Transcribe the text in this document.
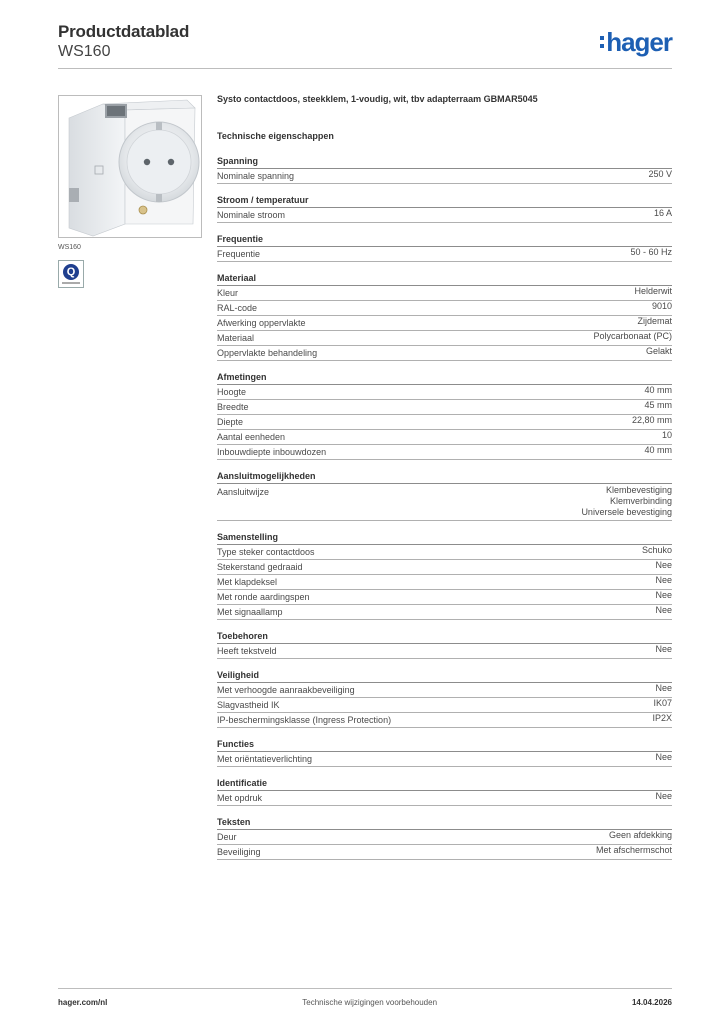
Productdatablad
WS160	hager
WS160
Q
Systo contactdoos, steekklem, 1-voudig, wit, tbv adapterraam GBMAR5045
Technische eigenschappen
Spanning
Nominale spanning	250 V
Stroom / temperatuur
Nominale stroom	16 A
Frequentie
Frequentie	50 - 60 Hz
Materiaal
Kleur	Helderwit
RAL-code	9010
Afwerking oppervlakte	Zijdemat
Materiaal	Polycarbonaat (PC)
Oppervlakte behandeling	Gelakt
Afmetingen
Hoogte	40 mm
Breedte	45 mm
Diepte	22,80 mm
Aantal eenheden	10
Inbouwdiepte inbouwdozen	40 mm
Aansluitmogelijkheden
Aansluitwijze	Klembevestiging
Klemverbinding
Universele bevestiging
Samenstelling
Type steker contactdoos	Schuko
Stekerstand gedraaid	Nee
Met klapdeksel	Nee
Met ronde aardingspen	Nee
Met signaallamp	Nee
Toebehoren
Heeft tekstveld	Nee
Veiligheid
Met verhoogde aanraakbeveiliging	Nee
Slagvastheid IK	IK07
IP-beschermingsklasse (Ingress Protection)	IP2X
Functies
Met oriëntatieverlichting	Nee
Identificatie
Met opdruk	Nee
Teksten
Deur	Geen afdekking
Beveiliging	Met afschermschot
hager.com/nl	Technische wijzigingen voorbehouden	14.04.2026
